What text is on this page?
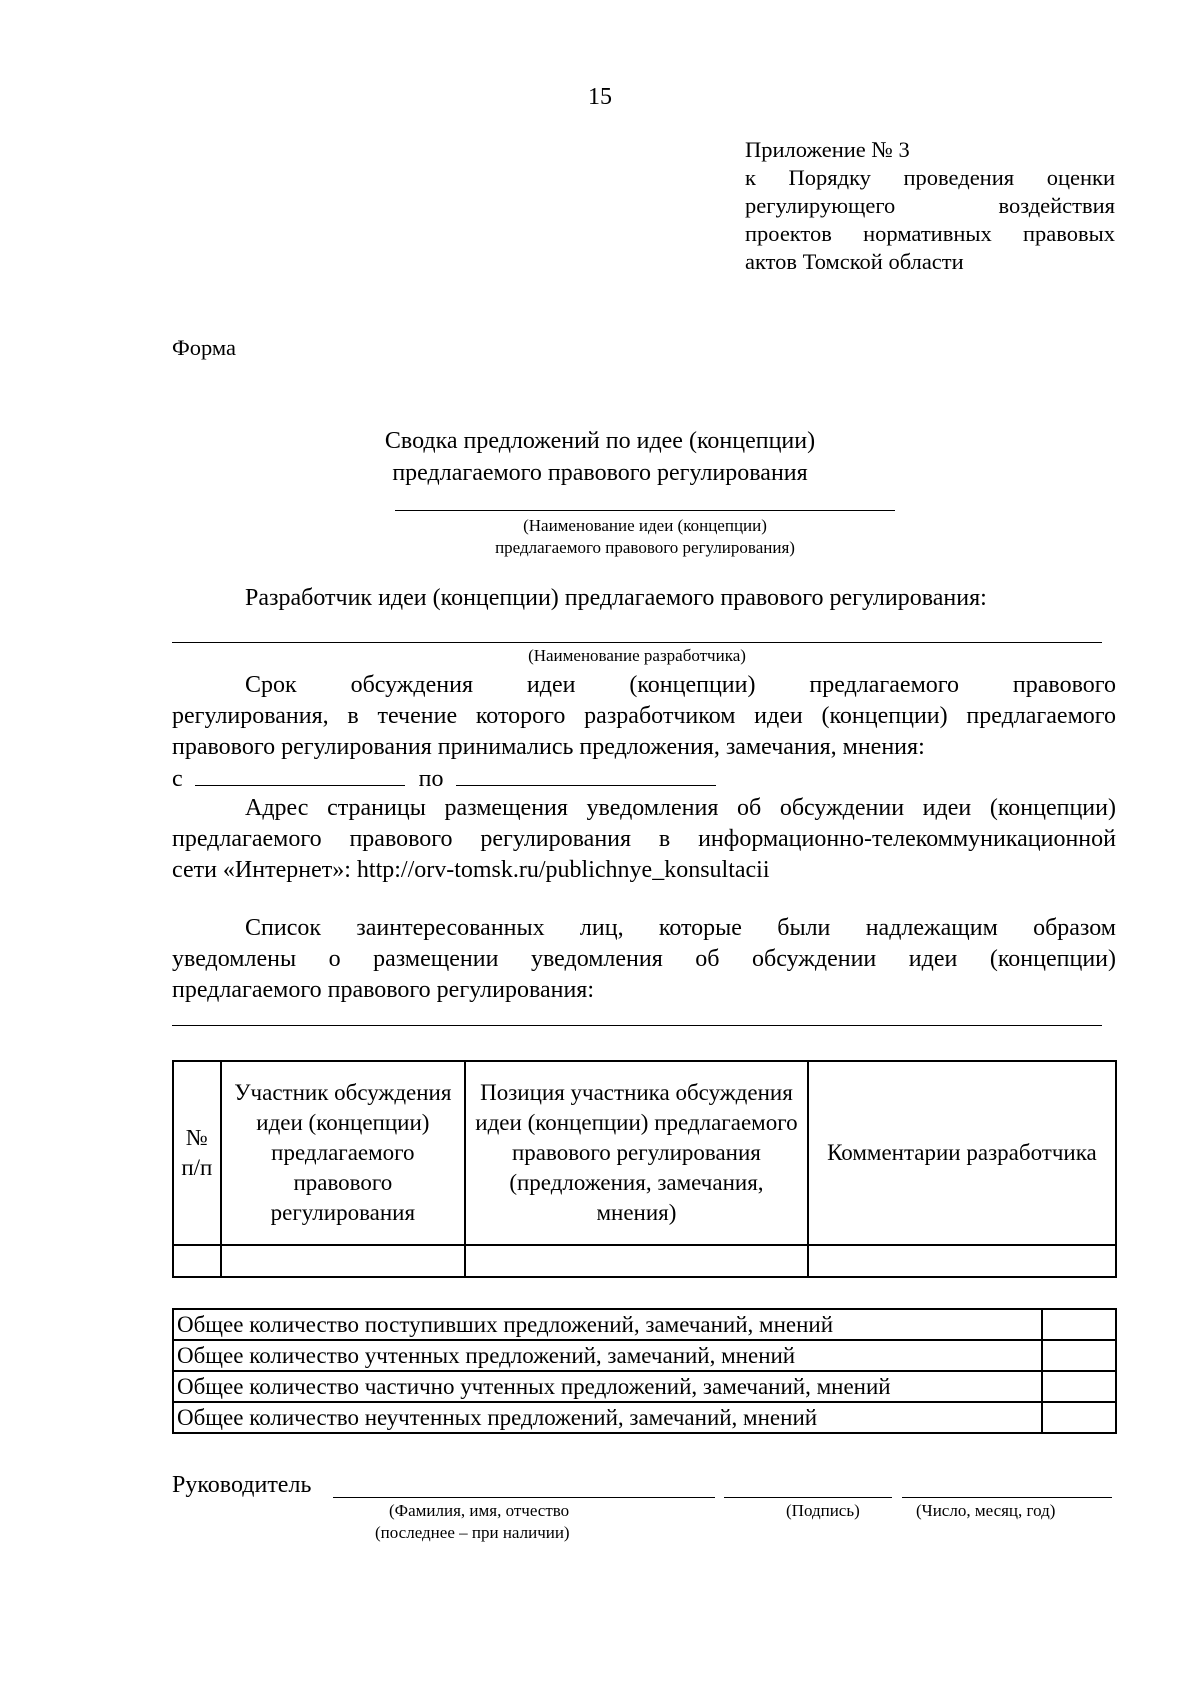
15
Приложение № 3
к Порядку проведения оценки
регулирующего воздействия
проектов нормативных правовых
актов Томской области
Форма
Сводка предложений по идее (концепции)
предлагаемого правового регулирования
(Наименование идеи (концепции)
предлагаемого правового регулирования)
Разработчик идеи (концепции) предлагаемого правового регулирования:
(Наименование разработчика)
Срок обсуждения идеи (концепции) предлагаемого правового
регулирования, в течение которого разработчиком идеи (концепции) предлагаемого
правового регулирования принимались предложения, замечания, мнения:
с	по
Адрес страницы размещения уведомления об обсуждении идеи (концепции)
предлагаемого правового регулирования в информационно-телекоммуникационной
сети «Интернет»: http://orv-tomsk.ru/publichnye_konsultacii
Список заинтересованных лиц, которые были надлежащим образом
уведомлены о размещении уведомления об обсуждении идеи (концепции)
предлагаемого правового регулирования:
№ п/п	Участник обсуждения идеи (концепции) предлагаемого правового регулирования	Позиция участника обсуждения идеи (концепции) предлагаемого правового регулирования (предложения, замечания, мнения)	Комментарии разработчика

Общее количество поступивших предложений, замечаний, мнений	
Общее количество учтенных предложений, замечаний, мнений	
Общее количество частично учтенных предложений, замечаний, мнений	
Общее количество неучтенных предложений, замечаний, мнений	
Руководитель
(Фамилия, имя, отчество
(последнее – при наличии)
(Подпись)	(Число, месяц, год)
